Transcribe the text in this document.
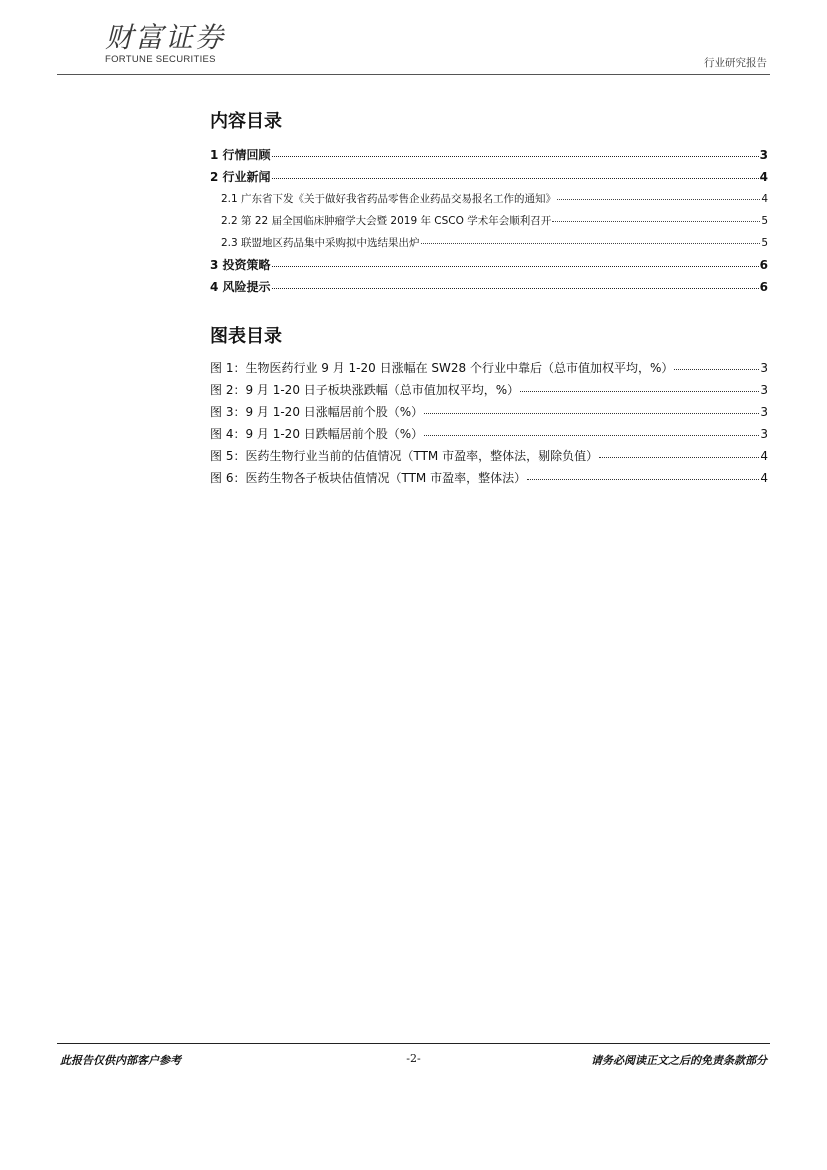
财富证券
FORTUNE SECURITIES	行业研究报告
内容目录
1 行情回顾	3
2 行业新闻	4
2.1 广东省下发《关于做好我省药品零售企业药品交易报名工作的通知》	4
2.2 第 22 届全国临床肿瘤学大会暨 2019 年 CSCO 学术年会顺利召开	5
2.3 联盟地区药品集中采购拟中选结果出炉	5
3 投资策略	6
4 风险提示	6
图表目录
图 1：生物医药行业 9 月 1-20 日涨幅在 SW28 个行业中靠后（总市值加权平均，%）	3
图 2：9 月 1-20 日子板块涨跌幅（总市值加权平均，%）	3
图 3：9 月 1-20 日涨幅居前个股（%）	3
图 4：9 月 1-20 日跌幅居前个股（%）	3
图 5：医药生物行业当前的估值情况（TTM 市盈率，整体法，剔除负值）	4
图 6：医药生物各子板块估值情况（TTM 市盈率，整体法）	4
此报告仅供内部客户参考	-2-	请务必阅读正文之后的免责条款部分
